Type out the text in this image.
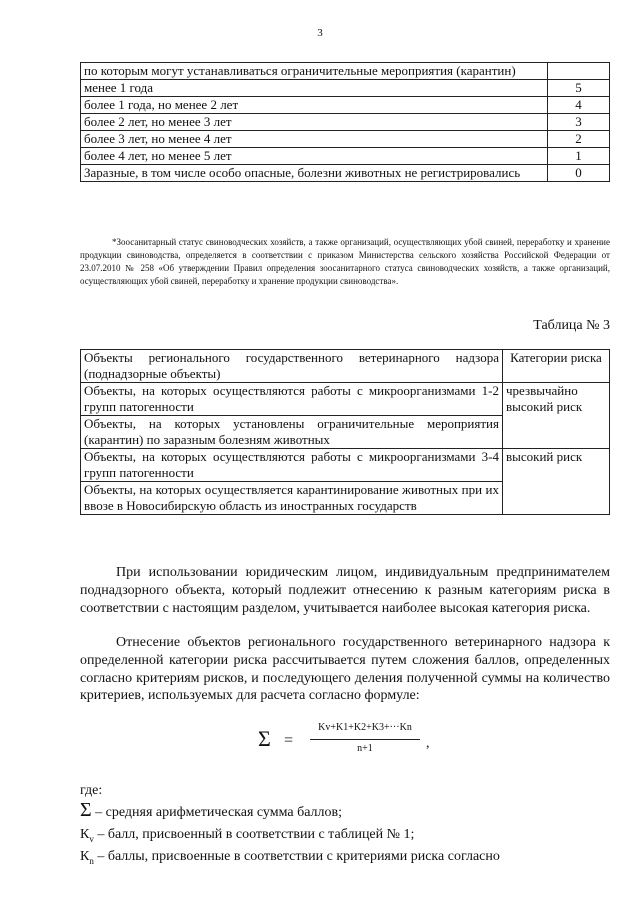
3
по которым могут устанавливаться ограничительные мероприятия (карантин)	
менее 1 года	5
более 1 года, но менее 2 лет	4
более 2 лет, но менее 3 лет	3
более 3 лет, но менее 4 лет	2
более 4 лет, но менее 5 лет	1
Заразные, в том числе особо опасные, болезни животных не регистрировались	0
*Зоосанитарный статус свиноводческих хозяйств, а также организаций, осуществляющих убой свиней, переработку и хранение продукции свиноводства, определяется в соответствии с приказом Министерства сельского хозяйства Российской Федерации от 23.07.2010 № 258 «Об утверждении Правил определения зоосанитарного статуса свиноводческих хозяйств, а также организаций, осуществляющих убой свиней, переработку и хранение продукции свиноводства».
Таблица № 3
Объекты регионального государственного ветеринарного надзора (поднадзорные объекты)	Категории риска
Объекты, на которых осуществляются работы с микроорганизмами 1-2 групп патогенности	чрезвычайно высокий риск
Объекты, на которых установлены ограничительные мероприятия (карантин) по заразным болезням животных	
Объекты, на которых осуществляются работы с микроорганизмами 3-4 групп патогенности	высокий риск
Объекты, на которых осуществляется карантинирование животных при их ввозе в Новосибирскую область из иностранных государств	

При использовании юридическим лицом, индивидуальным предпринимателем поднадзорного объекта, который подлежит отнесению к разным категориям риска в соответствии с настоящим разделом, учитывается наиболее высокая категория риска.

Отнесение объектов регионального государственного ветеринарного надзора к определенной категории риска рассчитывается путем сложения баллов, определенных согласно критериям рисков, и последующего деления полученной суммы на количество критериев, используемых для расчета согласно формуле:

Σ =
Kv+K1+K2+K3+···Kn
n+1	,
где:
Σ – средняя арифметическая сумма баллов;
$К_v$ – балл, присвоенный в соответствии с таблицей № 1;
$К_n$ – баллы, присвоенные в соответствии с критериями риска согласно
